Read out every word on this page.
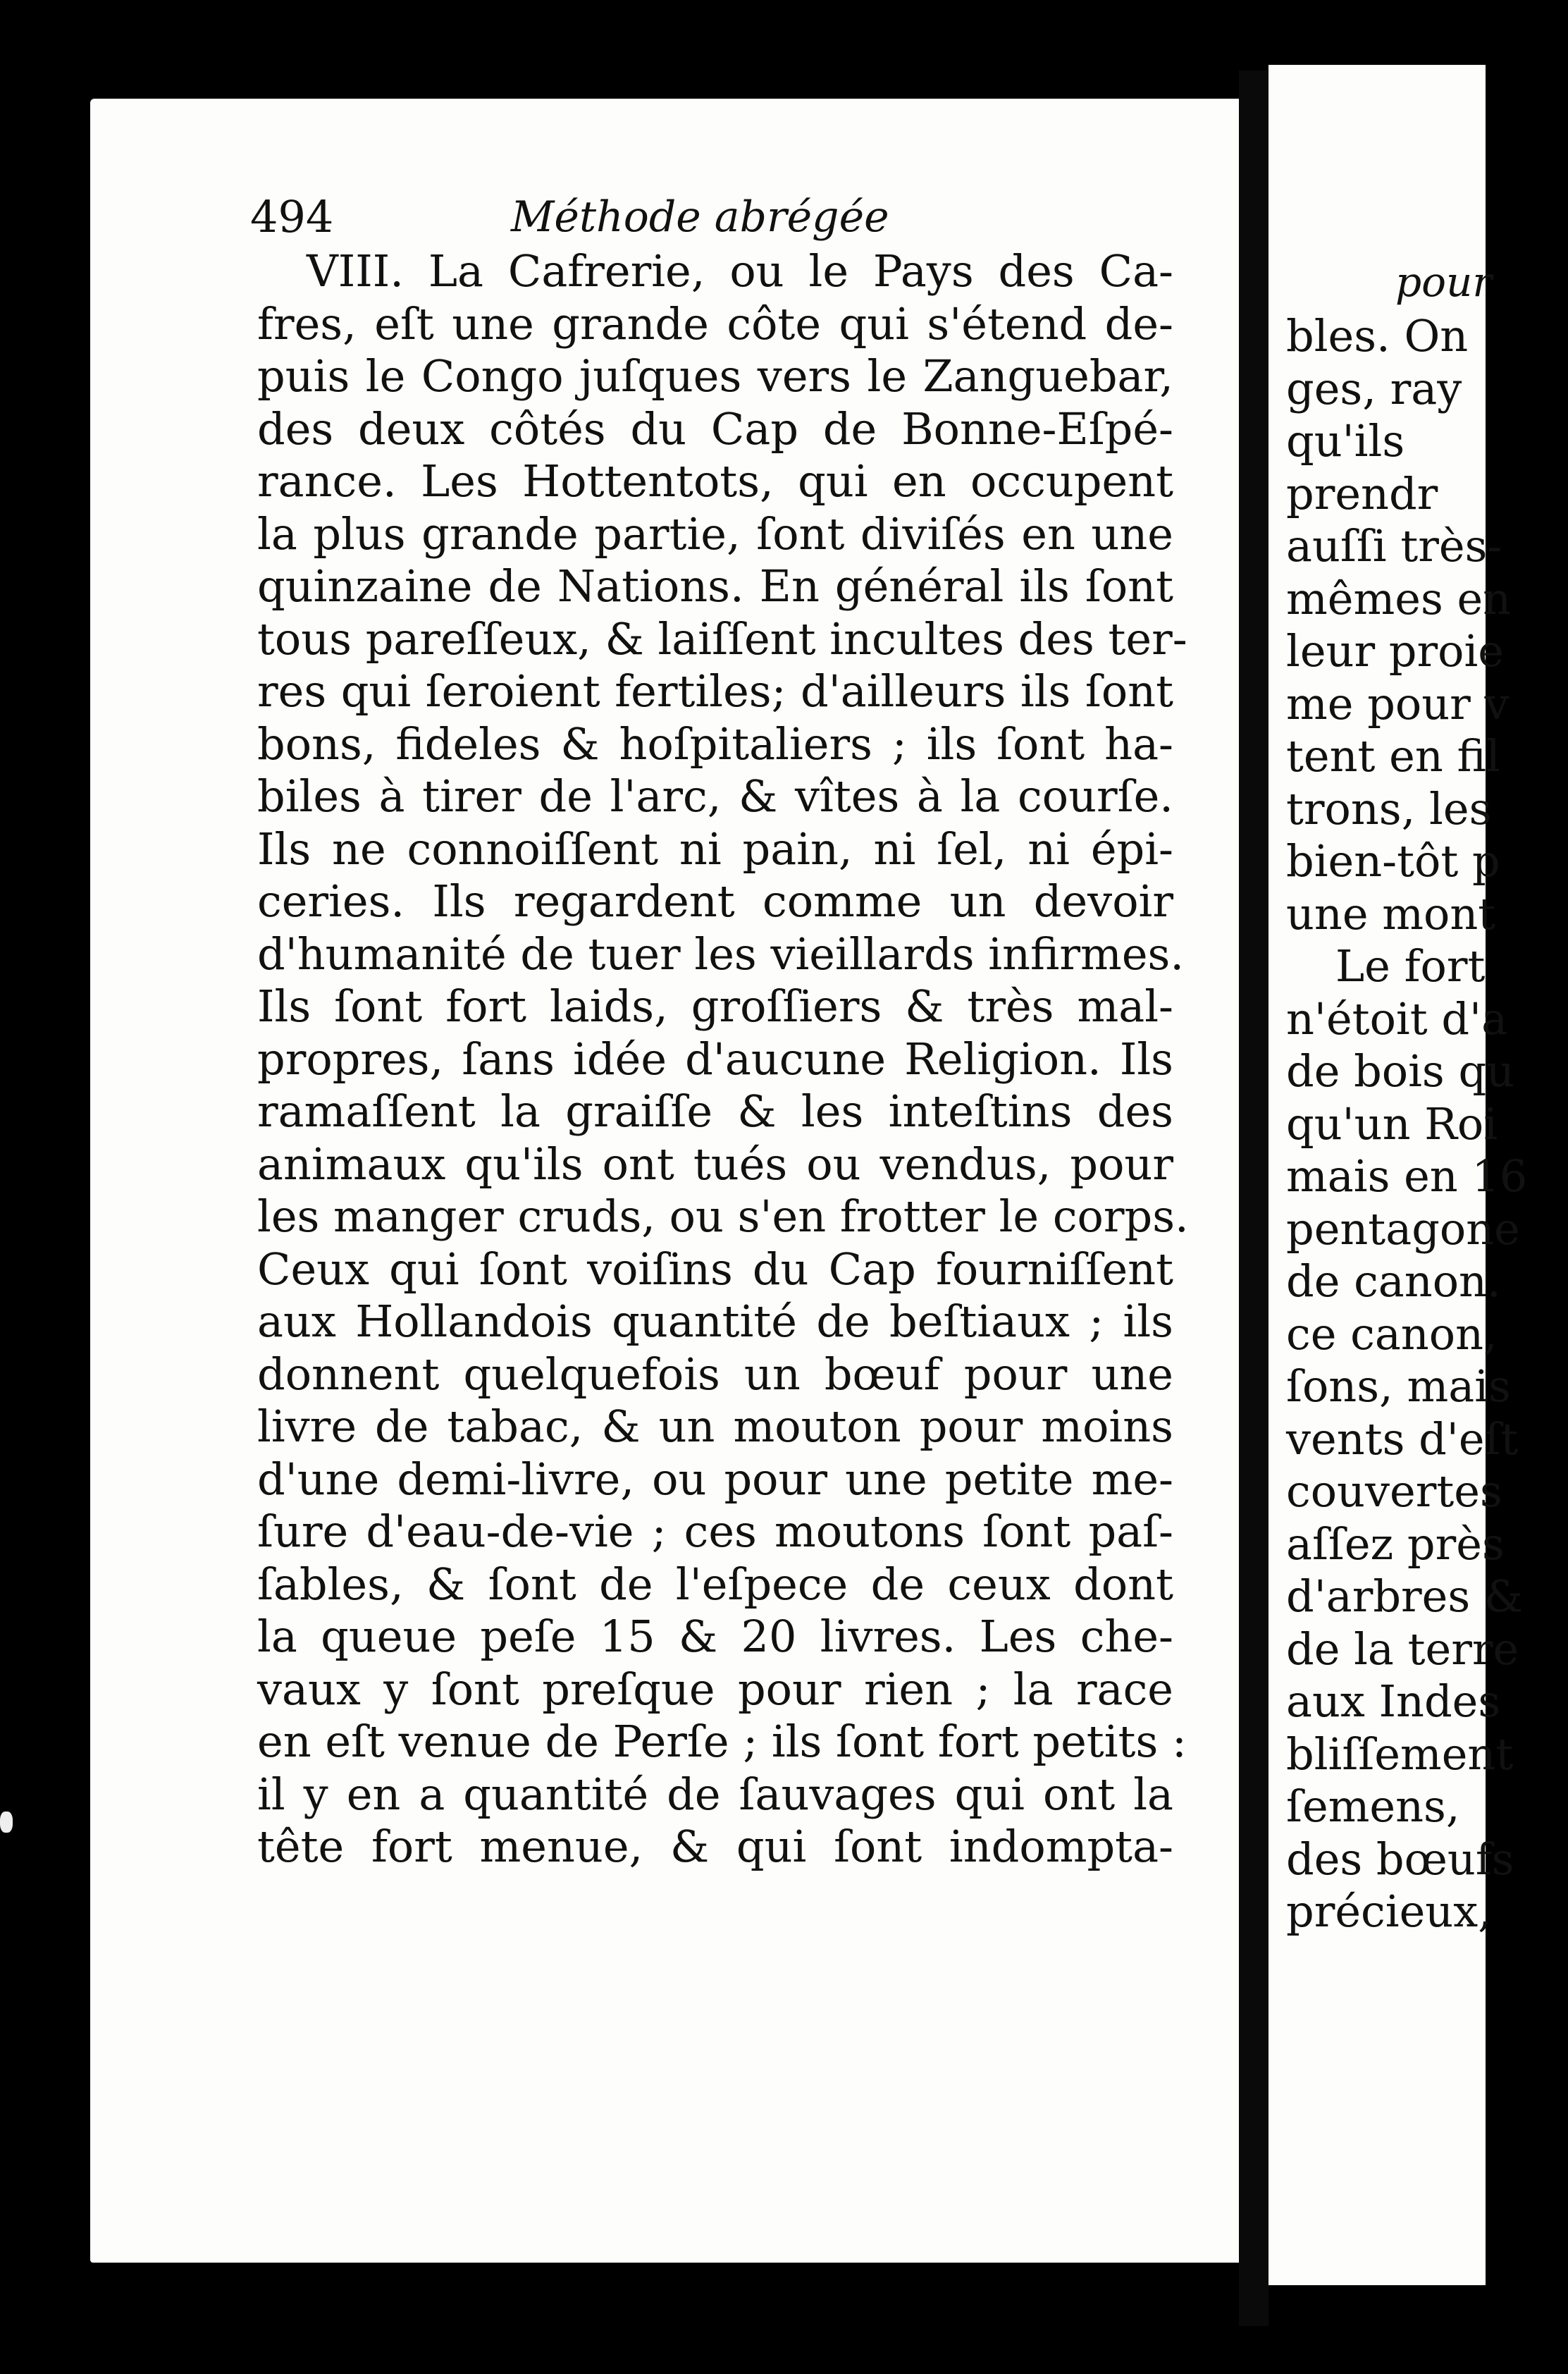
494	Méthode abrégée
VIII. La Cafrerie, ou le Pays des Ca-
fres, eſt une grande côte qui s'étend de-
puis le Congo juſques vers le Zanguebar,
des deux côtés du Cap de Bonne-Eſpé-
rance. Les Hottentots, qui en occupent
la plus grande partie, ſont diviſés en une
quinzaine de Nations. En général ils ſont
tous pareſſeux, & laiſſent incultes des ter-
res qui ſeroient fertiles; d'ailleurs ils ſont
bons, fideles & hoſpitaliers ; ils ſont ha-
biles à tirer de l'arc, & vîtes à la courſe.
Ils ne connoiſſent ni pain, ni ſel, ni épi-
ceries. Ils regardent comme un devoir
d'humanité de tuer les vieillards infirmes.
Ils ſont fort laids, groſſiers & très mal-
propres, ſans idée d'aucune Religion. Ils
ramaſſent la graiſſe & les inteſtins des
animaux qu'ils ont tués ou vendus, pour
les manger cruds, ou s'en frotter le corps.
Ceux qui ſont voiſins du Cap fourniſſent
aux Hollandois quantité de beſtiaux ; ils
donnent quelquefois un bœuf pour une
livre de tabac, & un mouton pour moins
d'une demi-livre, ou pour une petite me-
ſure d'eau-de-vie ; ces moutons ſont paſ-
ſables, & ſont de l'eſpece de ceux dont
la queue peſe 15 & 20 livres. Les che-
vaux y ſont preſque pour rien ; la race
en eſt venue de Perſe ; ils ſont fort petits :
il y en a quantité de ſauvages qui ont la
tête fort menue, & qui ſont indompta-
pour
bles. On
ges, ray
qu'ils
prendr
auſſi très-
mêmes en
leur proie
me pour v
tent en fil
trons, les
bien-tôt p
une mont
Le fort
n'étoit d'a
de bois qu
qu'un Roi
mais en 16
pentagone
de canon.
ce canon,
ſons, mais
vents d'eſt
couvertes
aſſez près
d'arbres &
de la terre
aux Indes
bliſſement
ſemens,
des bœufs
précieux,
